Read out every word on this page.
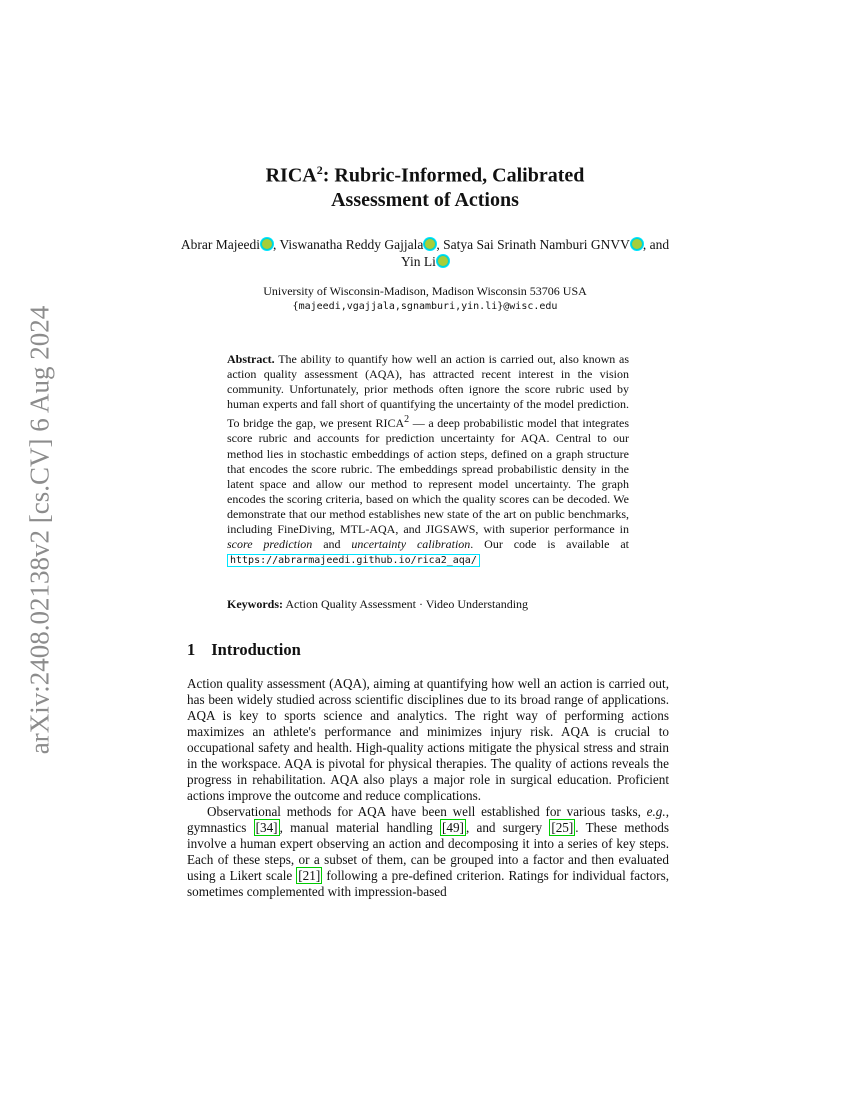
arXiv:2408.02138v2 [cs.CV] 6 Aug 2024
RICA$^2$: Rubric-Informed, Calibrated
Assessment of Actions
Abrar Majeedi , Viswanatha Reddy Gajjala , Satya Sai Srinath Namburi GNVV , and Yin Li
University of Wisconsin-Madison, Madison Wisconsin 53706 USA
{majeedi,vgajjala,sgnamburi,yin.li}@wisc.edu
Abstract. The ability to quantify how well an action is carried out, also known as action quality assessment (AQA), has attracted recent interest in the vision community. Unfortunately, prior methods often ignore the score rubric used by human experts and fall short of quantifying the uncertainty of the model prediction. To bridge the gap, we present RICA$^2$ — a deep probabilistic model that integrates score rubric and accounts for prediction uncertainty for AQA. Central to our method lies in stochastic embeddings of action steps, defined on a graph structure that encodes the score rubric. The embeddings spread probabilistic density in the latent space and allow our method to represent model uncertainty. The graph encodes the scoring criteria, based on which the quality scores can be decoded. We demonstrate that our method establishes new state of the art on public benchmarks, including FineDiving, MTL-AQA, and JIGSAWS, with superior performance in score prediction and uncertainty calibration. Our code is available at https://abrarmajeedi.github.io/rica2_aqa/
Keywords: Action Quality Assessment · Video Understanding
1 Introduction

Action quality assessment (AQA), aiming at quantifying how well an action is carried out, has been widely studied across scientific disciplines due to its broad range of applications. AQA is key to sports science and analytics. The right way of performing actions maximizes an athlete's performance and minimizes injury risk. AQA is crucial to occupational safety and health. High-quality actions mitigate the physical stress and strain in the workspace. AQA is pivotal for physical therapies. The quality of actions reveals the progress in rehabilitation. AQA also plays a major role in surgical education. Proficient actions improve the outcome and reduce complications.

Observational methods for AQA have been well established for various tasks, e.g., gymnastics [34] , manual material handling [49] , and surgery [25] . These methods involve a human expert observing an action and decomposing it into a series of key steps. Each of these steps, or a subset of them, can be grouped into a factor and then evaluated using a Likert scale [21] following a pre-defined criterion. Ratings for individual factors, sometimes complemented with impression-based
